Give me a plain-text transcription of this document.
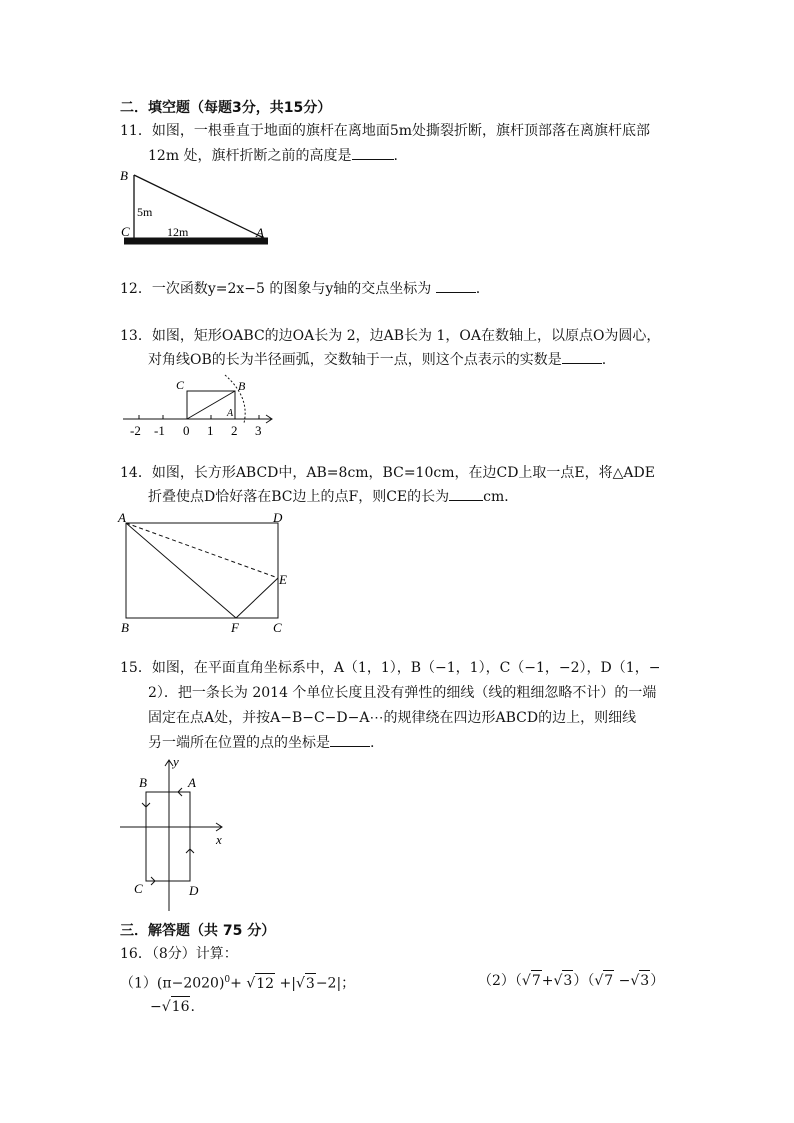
二．填空题（每题3分，共15分）
11．如图，一根垂直于地面的旗杆在离地面5m处撕裂折断，旗杆顶部落在离旗杆底部
12m 处，旗杆折断之前的高度是	.
B
C	A
5m
12m
12．一次函数y=2x−5 的图象与y轴的交点坐标为	.
13．如图，矩形OABC的边OA长为 2，边AB长为 1，OA在数轴上，以原点O为圆心，
对角线OB的长为半径画弧，交数轴于一点，则这个点表示的实数是	.
C	B
A
-2 -1 0 1 2 3
14．如图，长方形ABCD中，AB=8cm，BC=10cm，在边CD上取一点E，将△ADE
折叠使点D恰好落在BC边上的点F，则CE的长为 cm．
A	D
E
B	F	C
15．如图，在平面直角坐标系中，A（1，1），B（−1，1），C（−1，−2），D（1，−
2）．把一条长为 2014 个单位长度且没有弹性的细线（线的粗细忽略不计）的一端
固定在点A处，并按A−B−C−D−A⋯的规律绕在四边形ABCD的边上，则细线
另一端所在位置的点的坐标是	.
y
x
B	A
C	D
三．解答题（共 75 分）
16．（8分）计算：
$(1)(\pi-2020)^0+ √12 +|√3-2|$；	（2）（√7+√3）（√7 −√3）
−√16.
